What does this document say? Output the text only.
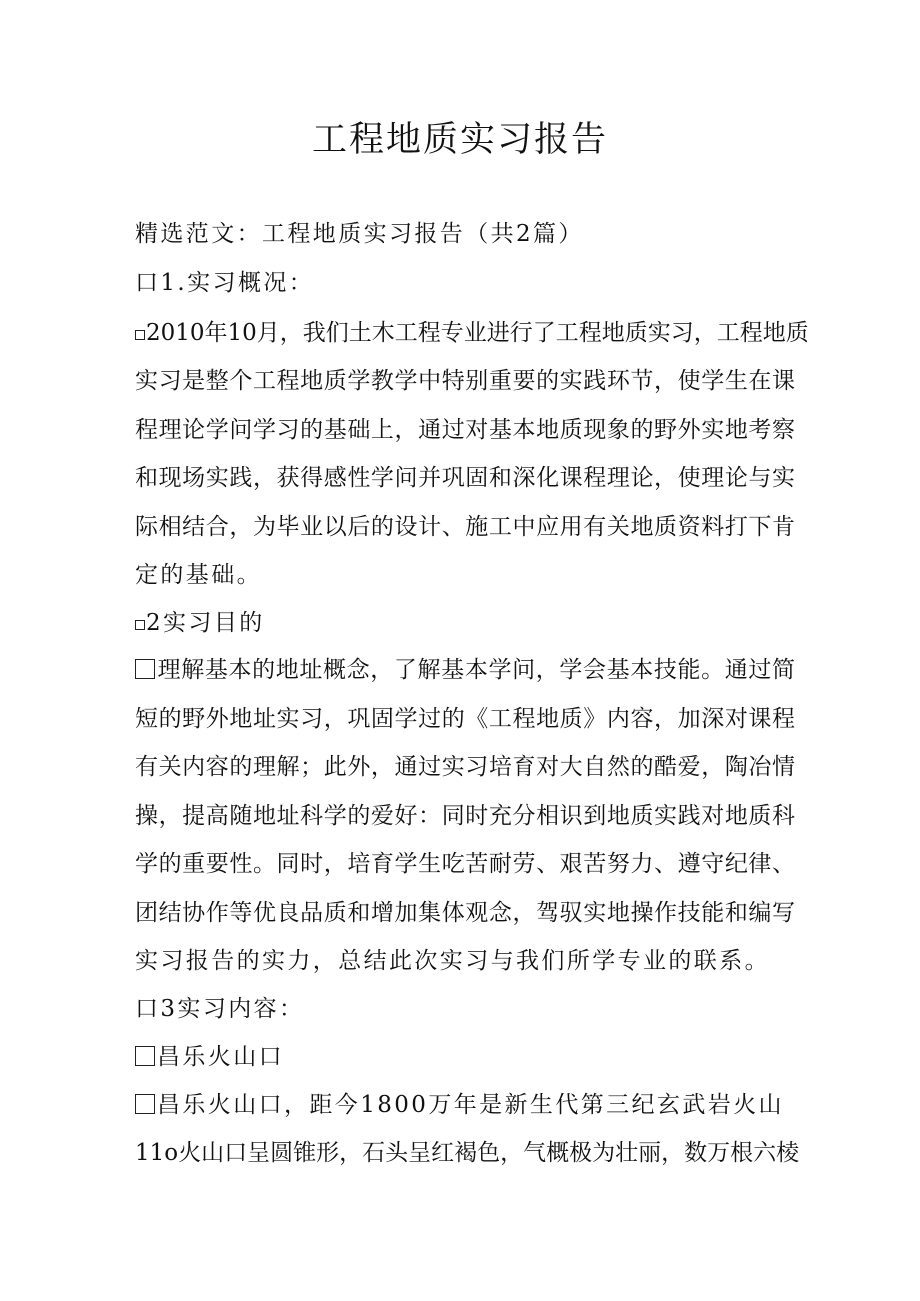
工程地质实习报告

精选范文：工程地质实习报告（共2篇）

口1.实习概况：

2010年10月，我们土木工程专业进行了工程地质实习，工程地质

实习是整个工程地质学教学中特别重要的实践环节，使学生在课

程理论学问学习的基础上，通过对基本地质现象的野外实地考察

和现场实践，获得感性学问并巩固和深化课程理论，使理论与实

际相结合，为毕业以后的设计、施工中应用有关地质资料打下肯

定的基础。

2实习目的

理解基本的地址概念，了解基本学问，学会基本技能。通过简

短的野外地址实习，巩固学过的《工程地质》内容，加深对课程

有关内容的理解；此外，通过实习培育对大自然的酷爱，陶冶情

操，提高随地址科学的爱好：同时充分相识到地质实践对地质科

学的重要性。同时，培育学生吃苦耐劳、艰苦努力、遵守纪律、

团结协作等优良品质和增加集体观念，驾驭实地操作技能和编写

实习报告的实力，总结此次实习与我们所学专业的联系。

口3实习内容：

昌乐火山口

昌乐火山口，距今1800万年是新生代第三纪玄武岩火山

11o火山口呈圆锥形，石头呈红褐色，气概极为壮丽，数万根六棱
